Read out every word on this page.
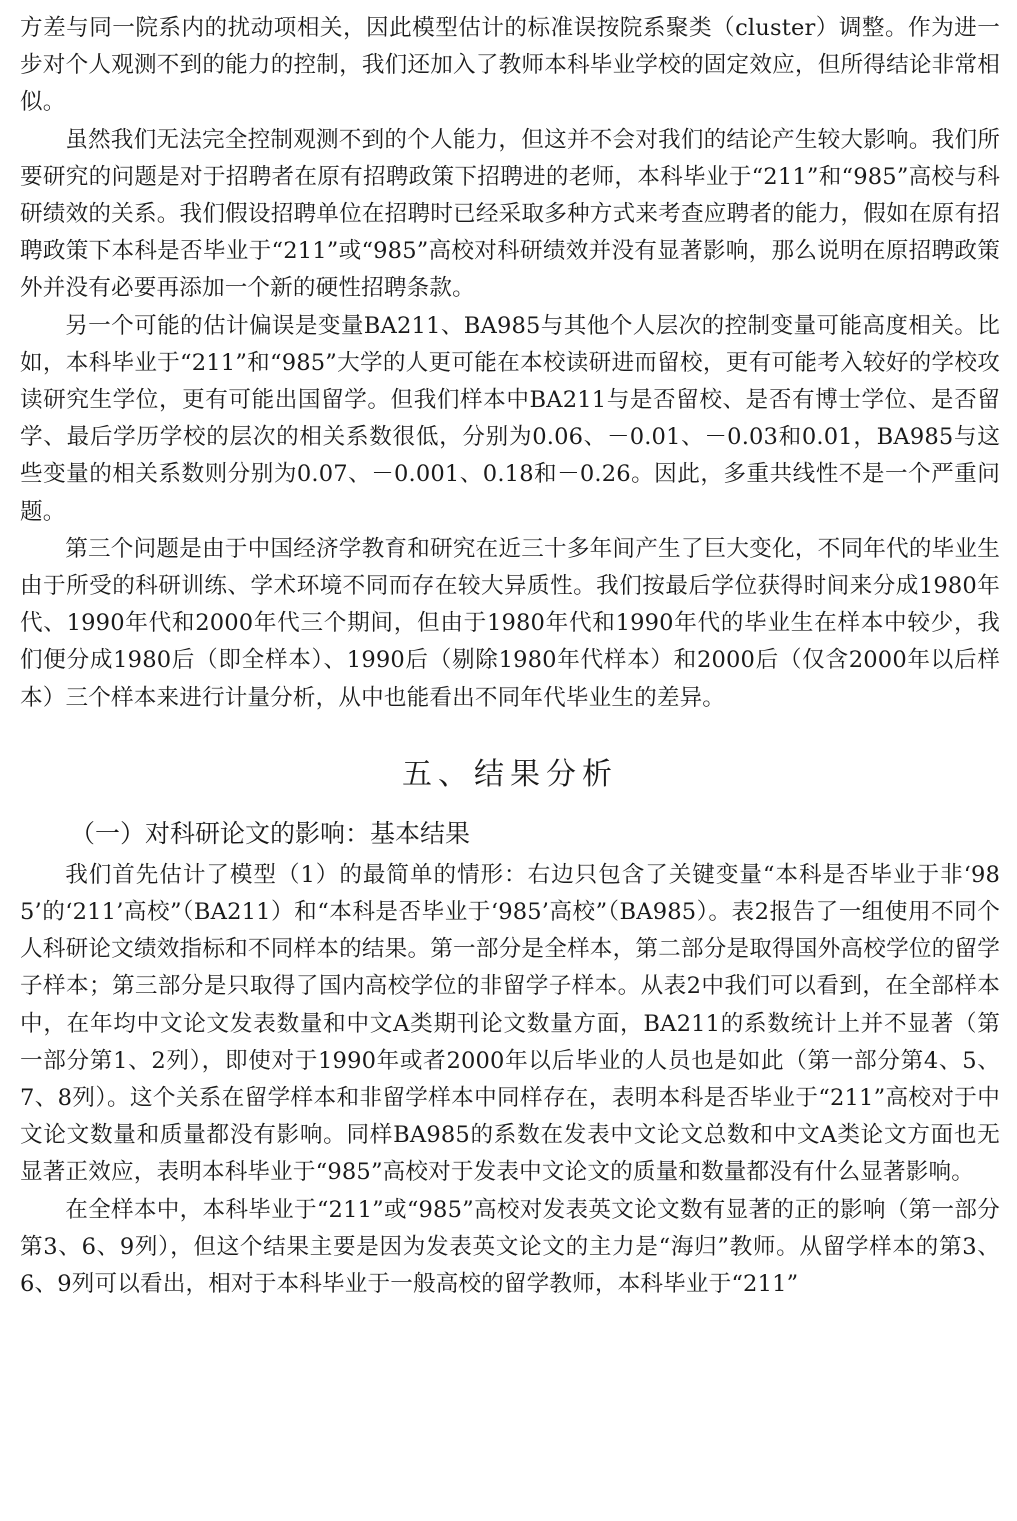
方差与同一院系内的扰动项相关，因此模型估计的标准误按院系聚类（cluster）调整。作为进一步对个人观测不到的能力的控制，我们还加入了教师本科毕业学校的固定效应，但所得结论非常相似。

虽然我们无法完全控制观测不到的个人能力，但这并不会对我们的结论产生较大影响。我们所要研究的问题是对于招聘者在原有招聘政策下招聘进的老师，本科毕业于“211”和“985”高校与科研绩效的关系。我们假设招聘单位在招聘时已经采取多种方式来考查应聘者的能力，假如在原有招聘政策下本科是否毕业于“211”或“985”高校对科研绩效并没有显著影响，那么说明在原招聘政策外并没有必要再添加一个新的硬性招聘条款。

另一个可能的估计偏误是变量BA211、BA985与其他个人层次的控制变量可能高度相关。比如，本科毕业于“211”和“985”大学的人更可能在本校读研进而留校，更有可能考入较好的学校攻读研究生学位，更有可能出国留学。但我们样本中BA211与是否留校、是否有博士学位、是否留学、最后学历学校的层次的相关系数很低，分别为0.06、－0.01、－0.03和0.01，BA985与这些变量的相关系数则分别为0.07、－0.001、0.18和－0.26。因此，多重共线性不是一个严重问题。

第三个问题是由于中国经济学教育和研究在近三十多年间产生了巨大变化，不同年代的毕业生由于所受的科研训练、学术环境不同而存在较大异质性。我们按最后学位获得时间来分成1980年代、1990年代和2000年代三个期间，但由于1980年代和1990年代的毕业生在样本中较少，我们便分成1980后（即全样本）、1990后（剔除1980年代样本）和2000后（仅含2000年以后样本）三个样本来进行计量分析，从中也能看出不同年代毕业生的差异。

五、结果分析
（一）对科研论文的影响：基本结果

我们首先估计了模型（1）的最简单的情形：右边只包含了关键变量“本科是否毕业于非‘985’的‘211’高校”（BA211）和“本科是否毕业于‘985’高校”（BA985）。表2报告了一组使用不同个人科研论文绩效指标和不同样本的结果。第一部分是全样本，第二部分是取得国外高校学位的留学子样本；第三部分是只取得了国内高校学位的非留学子样本。从表2中我们可以看到，在全部样本中，在年均中文论文发表数量和中文A类期刊论文数量方面，BA211的系数统计上并不显著（第一部分第1、2列），即使对于1990年或者2000年以后毕业的人员也是如此（第一部分第4、5、7、8列）。这个关系在留学样本和非留学样本中同样存在，表明本科是否毕业于“211”高校对于中文论文数量和质量都没有影响。同样BA985的系数在发表中文论文总数和中文A类论文方面也无显著正效应，表明本科毕业于“985”高校对于发表中文论文的质量和数量都没有什么显著影响。

在全样本中，本科毕业于“211”或“985”高校对发表英文论文数有显著的正的影响（第一部分第3、6、9列），但这个结果主要是因为发表英文论文的主力是“海归”教师。从留学样本的第3、6、9列可以看出，相对于本科毕业于一般高校的留学教师，本科毕业于“211”
